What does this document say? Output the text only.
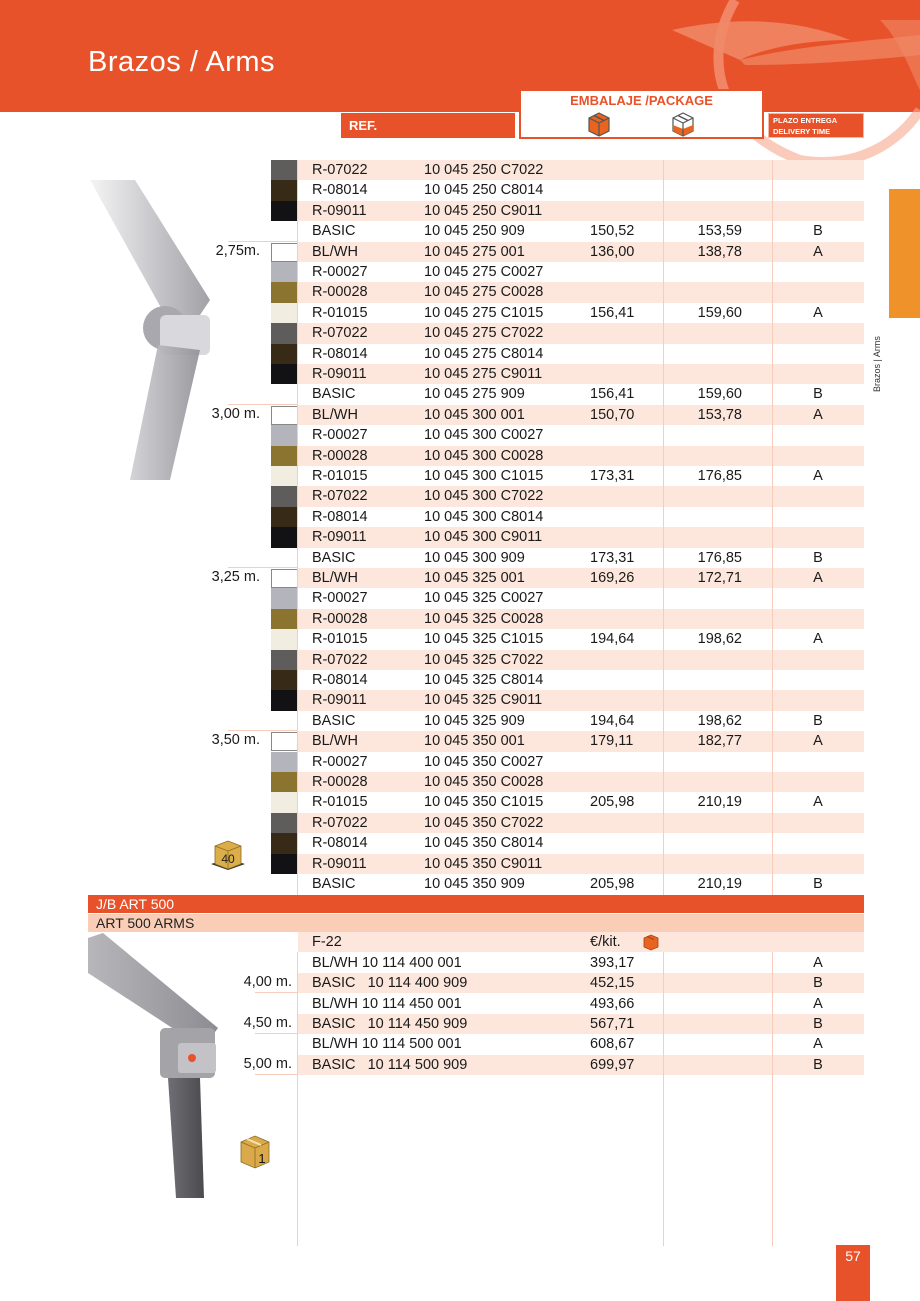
Brazos / Arms
REF.
EMBALAJE /PACKAGE
PLAZO ENTREGA
DELIVERY TIME
Brazos | Arms
R-07022	10 045 250 C7022
R-08014	10 045 250 C8014
R-09011	10 045 250 C9011
BASIC	10 045 250 909	150,52	153,59	B
BL/WH	10 045 275 001	136,00	138,78	A
R-00027	10 045 275 C0027
R-00028	10 045 275 C0028
R-01015	10 045 275 C1015	156,41	159,60	A
R-07022	10 045 275 C7022
R-08014	10 045 275 C8014
R-09011	10 045 275 C9011
BASIC	10 045 275 909	156,41	159,60	B
BL/WH	10 045 300 001	150,70	153,78	A
R-00027	10 045 300 C0027
R-00028	10 045 300 C0028
R-01015	10 045 300 C1015	173,31	176,85	A
R-07022	10 045 300 C7022
R-08014	10 045 300 C8014
R-09011	10 045 300 C9011
BASIC	10 045 300 909	173,31	176,85	B
BL/WH	10 045 325 001	169,26	172,71	A
R-00027	10 045 325 C0027
R-00028	10 045 325 C0028
R-01015	10 045 325 C1015	194,64	198,62	A
R-07022	10 045 325 C7022
R-08014	10 045 325 C8014
R-09011	10 045 325 C9011
BASIC	10 045 325 909	194,64	198,62	B
BL/WH	10 045 350 001	179,11	182,77	A
R-00027	10 045 350 C0027
R-00028	10 045 350 C0028
R-01015	10 045 350 C1015	205,98	210,19	A
R-07022	10 045 350 C7022
R-08014	10 045 350 C8014
R-09011	10 045 350 C9011
BASIC	10 045 350 909	205,98	210,19	B
2,75m.
3,00 m.
3,25 m.
3,50 m.
40
J/B ART 500
ART 500 ARMS
1
F-22	€/kit.
BL/WH 10 114 400 001	393,17	A
BASIC   10 114 400 909	452,15	B
BL/WH 10 114 450 001	493,66	A
BASIC   10 114 450 909	567,71	B
BL/WH 10 114 500 001	608,67	A
BASIC   10 114 500 909	699,97	B
4,00 m.
4,50 m.
5,00 m.
57
